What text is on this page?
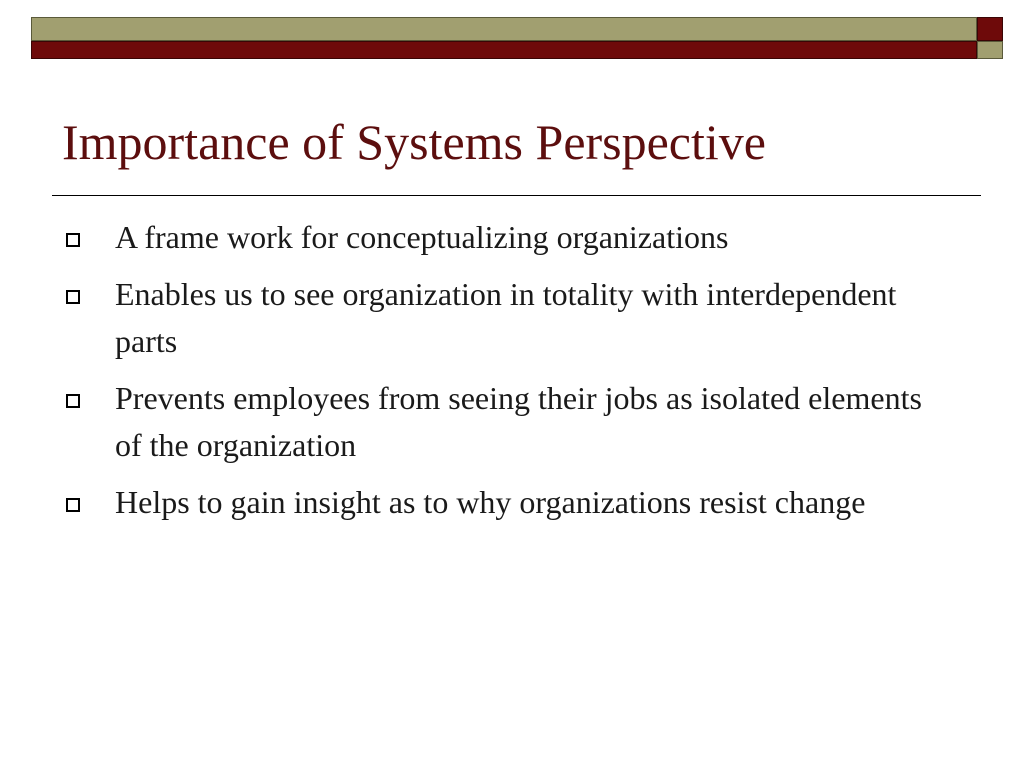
Importance of Systems Perspective
A frame work for conceptualizing organizations
Enables us to see organization in totality with interdependent parts
Prevents employees from seeing their jobs as isolated elements of the organization
Helps to gain insight as to why organizations resist change
